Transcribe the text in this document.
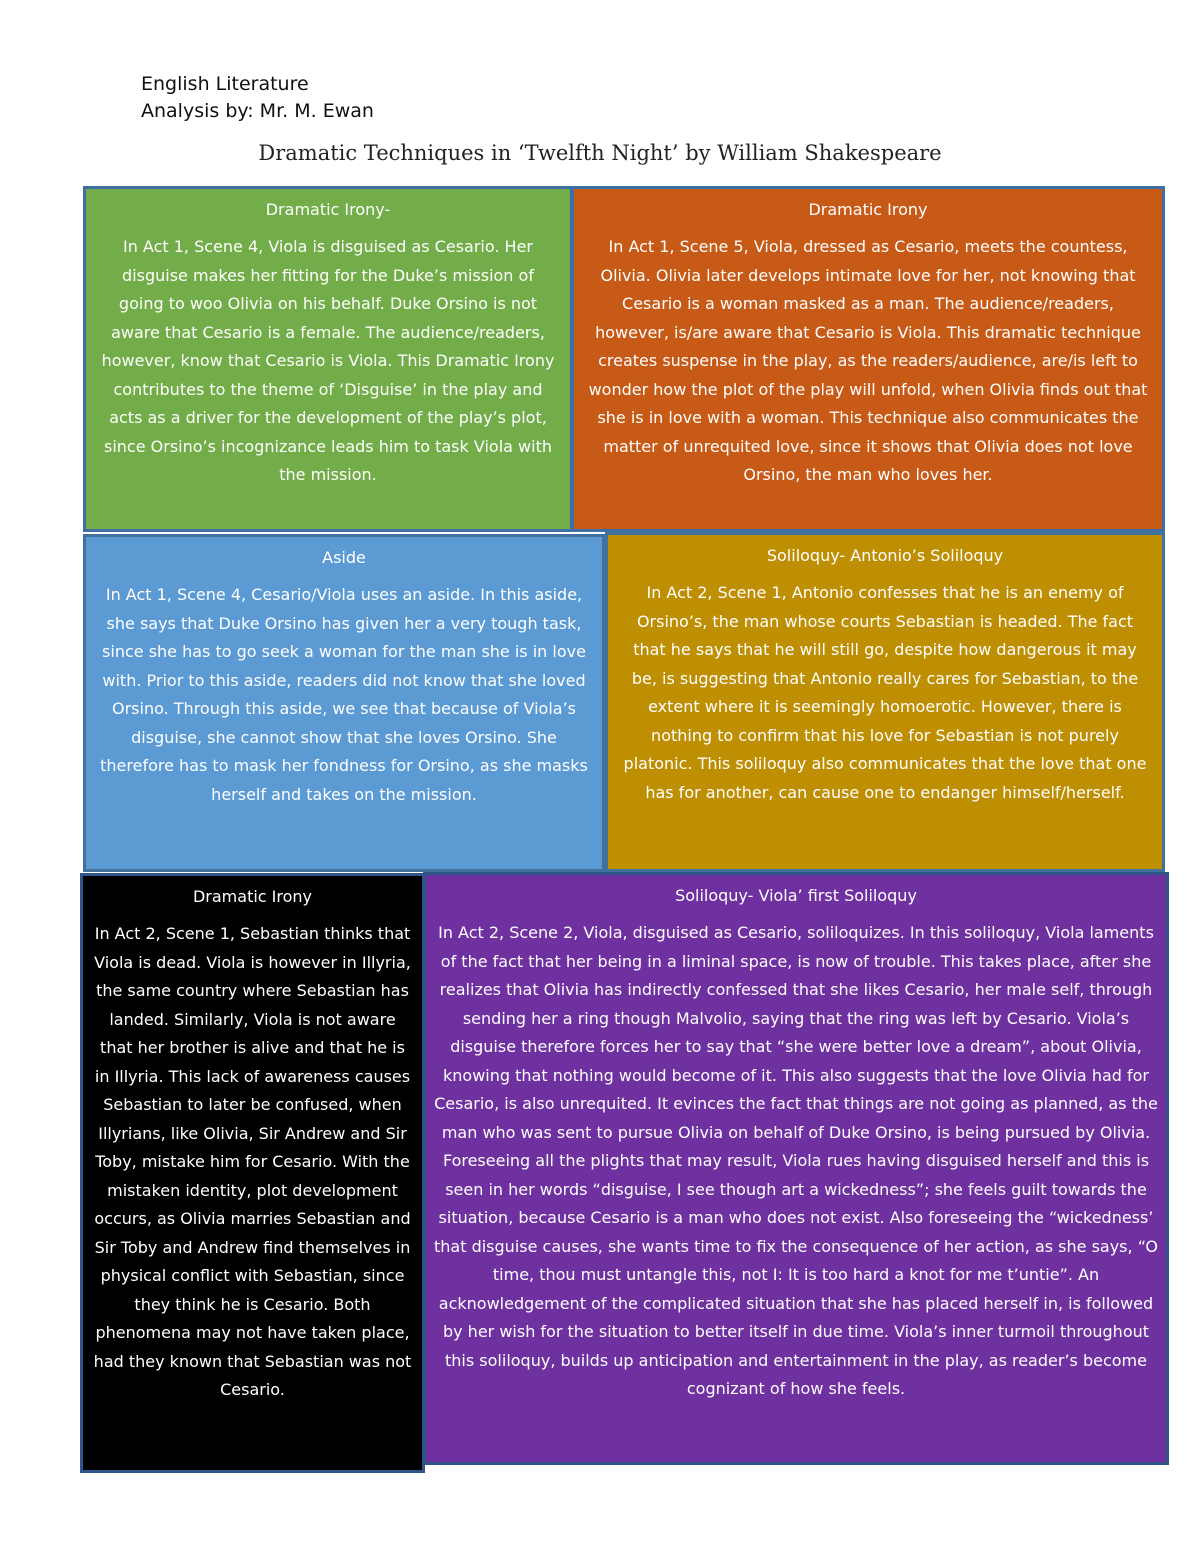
English Literature
Analysis by: Mr. M. Ewan
Dramatic Techniques in ‘Twelfth Night’ by William Shakespeare
Dramatic Irony-
In Act 1, Scene 4, Viola is disguised as Cesario. Her disguise makes her fitting for the Duke’s mission of going to woo Olivia on his behalf. Duke Orsino is not aware that Cesario is a female. The audience/readers, however, know that Cesario is Viola. This Dramatic Irony contributes to the theme of ‘Disguise’ in the play and acts as a driver for the development of the play’s plot, since Orsino’s incognizance leads him to task Viola with the mission.
Dramatic Irony
In Act 1, Scene 5, Viola, dressed as Cesario, meets the countess, Olivia. Olivia later develops intimate love for her, not knowing that Cesario is a woman masked as a man. The audience/readers, however, is/are aware that Cesario is Viola. This dramatic technique creates suspense in the play, as the readers/audience, are/is left to wonder how the plot of the play will unfold, when Olivia finds out that she is in love with a woman. This technique also communicates the matter of unrequited love, since it shows that Olivia does not love Orsino, the man who loves her.
Aside
In Act 1, Scene 4, Cesario/Viola uses an aside. In this aside, she says that Duke Orsino has given her a very tough task, since she has to go seek a woman for the man she is in love with. Prior to this aside, readers did not know that she loved Orsino. Through this aside, we see that because of Viola’s disguise, she cannot show that she loves Orsino. She therefore has to mask her fondness for Orsino, as she masks herself and takes on the mission.
Soliloquy- Antonio’s Soliloquy
In Act 2, Scene 1, Antonio confesses that he is an enemy of Orsino’s, the man whose courts Sebastian is headed. The fact that he says that he will still go, despite how dangerous it may be, is suggesting that Antonio really cares for Sebastian, to the extent where it is seemingly homoerotic. However, there is nothing to confirm that his love for Sebastian is not purely platonic. This soliloquy also communicates that the love that one has for another, can cause one to endanger himself/herself.
Dramatic Irony
In Act 2, Scene 1, Sebastian thinks that Viola is dead. Viola is however in Illyria, the same country where Sebastian has landed. Similarly, Viola is not aware that her brother is alive and that he is in Illyria. This lack of awareness causes Sebastian to later be confused, when Illyrians, like Olivia, Sir Andrew and Sir Toby, mistake him for Cesario. With the mistaken identity, plot development occurs, as Olivia marries Sebastian and Sir Toby and Andrew find themselves in physical conflict with Sebastian, since they think he is Cesario. Both phenomena may not have taken place, had they known that Sebastian was not Cesario.
Soliloquy- Viola’ first Soliloquy
In Act 2, Scene 2, Viola, disguised as Cesario, soliloquizes. In this soliloquy, Viola laments of the fact that her being in a liminal space, is now of trouble. This takes place, after she realizes that Olivia has indirectly confessed that she likes Cesario, her male self, through sending her a ring though Malvolio, saying that the ring was left by Cesario. Viola’s disguise therefore forces her to say that “she were better love a dream”, about Olivia, knowing that nothing would become of it. This also suggests that the love Olivia had for Cesario, is also unrequited. It evinces the fact that things are not going as planned, as the man who was sent to pursue Olivia on behalf of Duke Orsino, is being pursued by Olivia. Foreseeing all the plights that may result, Viola rues having disguised herself and this is seen in her words “disguise, I see though art a wickedness”; she feels guilt towards the situation, because Cesario is a man who does not exist. Also foreseeing the “wickedness’ that disguise causes, she wants time to fix the consequence of her action, as she says, “O time, thou must untangle this, not I: It is too hard a knot for me t’untie”. An acknowledgement of the complicated situation that she has placed herself in, is followed by her wish for the situation to better itself in due time. Viola’s inner turmoil throughout this soliloquy, builds up anticipation and entertainment in the play, as reader’s become cognizant of how she feels.
